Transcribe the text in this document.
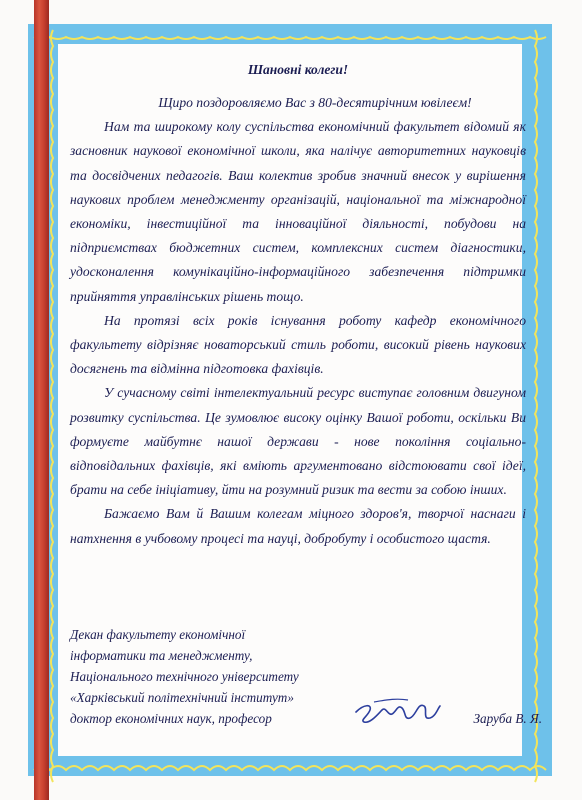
Шановні колеги!

Щиро поздоровляємо Вас з 80-десятирічним ювілеєм!

Нам та широкому колу суспільства економічний факультет відомий як засновник наукової економічної школи, яка налічує авторитетних науковців та досвідчених педагогів. Ваш колектив зробив значний внесок у вирішення наукових проблем менеджменту організацій, національної та міжнародної економіки, інвестиційної та інноваційної діяльності, побудови на підприємствах бюджетних систем, комплексних систем діагностики, удосконалення комунікаційно-інформаційного забезпечення підтримки прийняття управлінських рішень тощо.

На протязі всіх років існування роботу кафедр економічного факультету відрізняє новаторський стиль роботи, високий рівень наукових досягнень та відмінна підготовка фахівців.

У сучасному світі інтелектуальний ресурс виступає головним двигуном розвитку суспільства. Це зумовлює високу оцінку Вашої роботи, оскільки Ви формуєте майбутнє нашої держави - нове покоління соціально-відповідальних фахівців, які вміють аргументовано відстоювати свої ідеї, брати на себе ініціативу, йти на розумний ризик та вести за собою інших.

Бажаємо Вам й Вашим колегам міцного здоров'я, творчої наснаги і натхнення в учбовому процесі та науці, добробуту і особистого щастя.

Декан факультету економічної
інформатики та менеджменту,
Національного технічного університету
«Харківський політехнічний інститут»
доктор економічних наук, професор	Заруба В. Я.
